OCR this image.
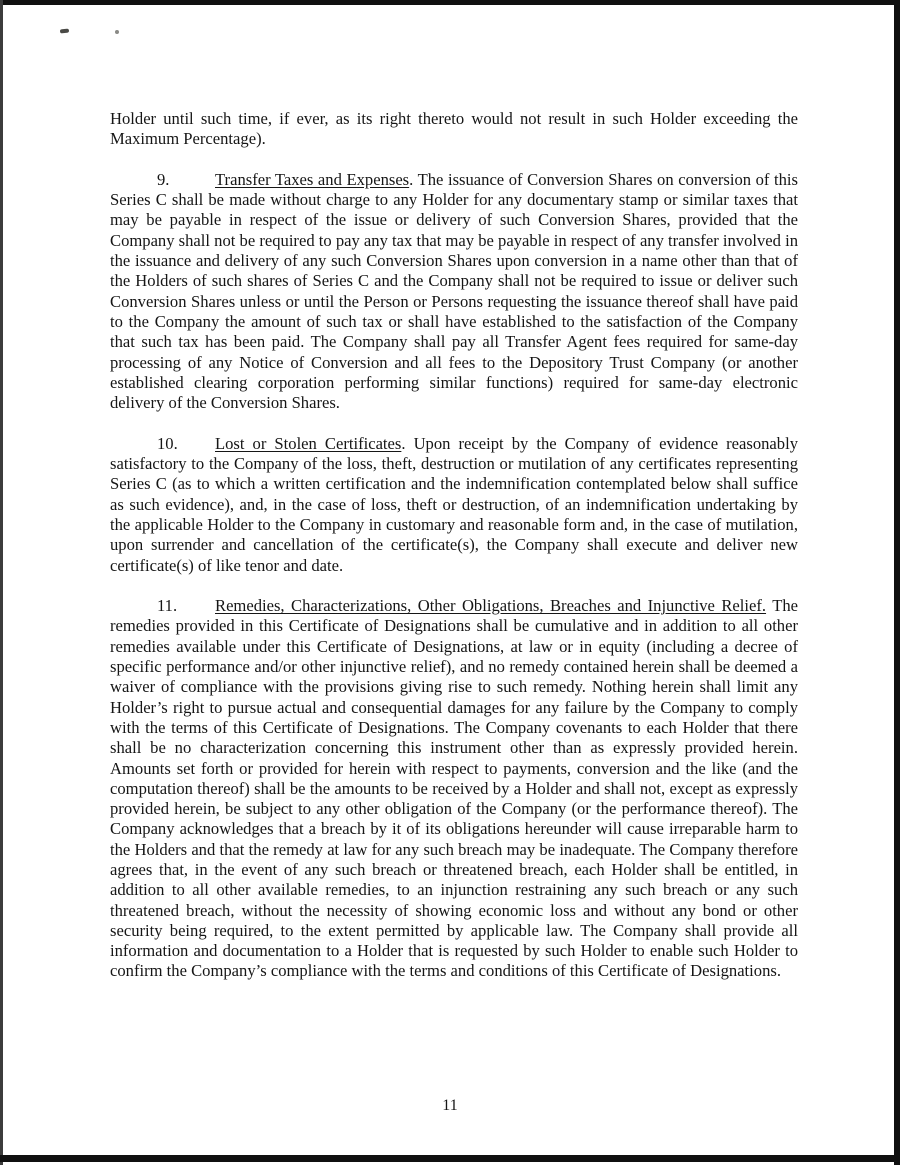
Holder until such time, if ever, as its right thereto would not result in such Holder exceeding the Maximum Percentage).

9.	Transfer Taxes and Expenses. The issuance of Conversion Shares on conversion of this Series C shall be made without charge to any Holder for any documentary stamp or similar taxes that may be payable in respect of the issue or delivery of such Conversion Shares, provided that the Company shall not be required to pay any tax that may be payable in respect of any transfer involved in the issuance and delivery of any such Conversion Shares upon conversion in a name other than that of the Holders of such shares of Series C and the Company shall not be required to issue or deliver such Conversion Shares unless or until the Person or Persons requesting the issuance thereof shall have paid to the Company the amount of such tax or shall have established to the satisfaction of the Company that such tax has been paid. The Company shall pay all Transfer Agent fees required for same-day processing of any Notice of Conversion and all fees to the Depository Trust Company (or another established clearing corporation performing similar functions) required for same-day electronic delivery of the Conversion Shares.

10. Lost or Stolen Certificates. Upon receipt by the Company of evidence reasonably satisfactory to the Company of the loss, theft, destruction or mutilation of any certificates representing Series C (as to which a written certification and the indemnification contemplated below shall suffice as such evidence), and, in the case of loss, theft or destruction, of an indemnification undertaking by the applicable Holder to the Company in customary and reasonable form and, in the case of mutilation, upon surrender and cancellation of the certificate(s), the Company shall execute and deliver new certificate(s) of like tenor and date.

11. Remedies, Characterizations, Other Obligations, Breaches and Injunctive Relief. The remedies provided in this Certificate of Designations shall be cumulative and in addition to all other remedies available under this Certificate of Designations, at law or in equity (including a decree of specific performance and/or other injunctive relief), and no remedy contained herein shall be deemed a waiver of compliance with the provisions giving rise to such remedy. Nothing herein shall limit any Holder’s right to pursue actual and consequential damages for any failure by the Company to comply with the terms of this Certificate of Designations. The Company covenants to each Holder that there shall be no characterization concerning this instrument other than as expressly provided herein. Amounts set forth or provided for herein with respect to payments, conversion and the like (and the computation thereof) shall be the amounts to be received by a Holder and shall not, except as expressly provided herein, be subject to any other obligation of the Company (or the performance thereof). The Company acknowledges that a breach by it of its obligations hereunder will cause irreparable harm to the Holders and that the remedy at law for any such breach may be inadequate. The Company therefore agrees that, in the event of any such breach or threatened breach, each Holder shall be entitled, in addition to all other available remedies, to an injunction restraining any such breach or any such threatened breach, without the necessity of showing economic loss and without any bond or other security being required, to the extent permitted by applicable law. The Company shall provide all information and documentation to a Holder that is requested by such Holder to enable such Holder to confirm the Company’s compliance with the terms and conditions of this Certificate of Designations.

11
